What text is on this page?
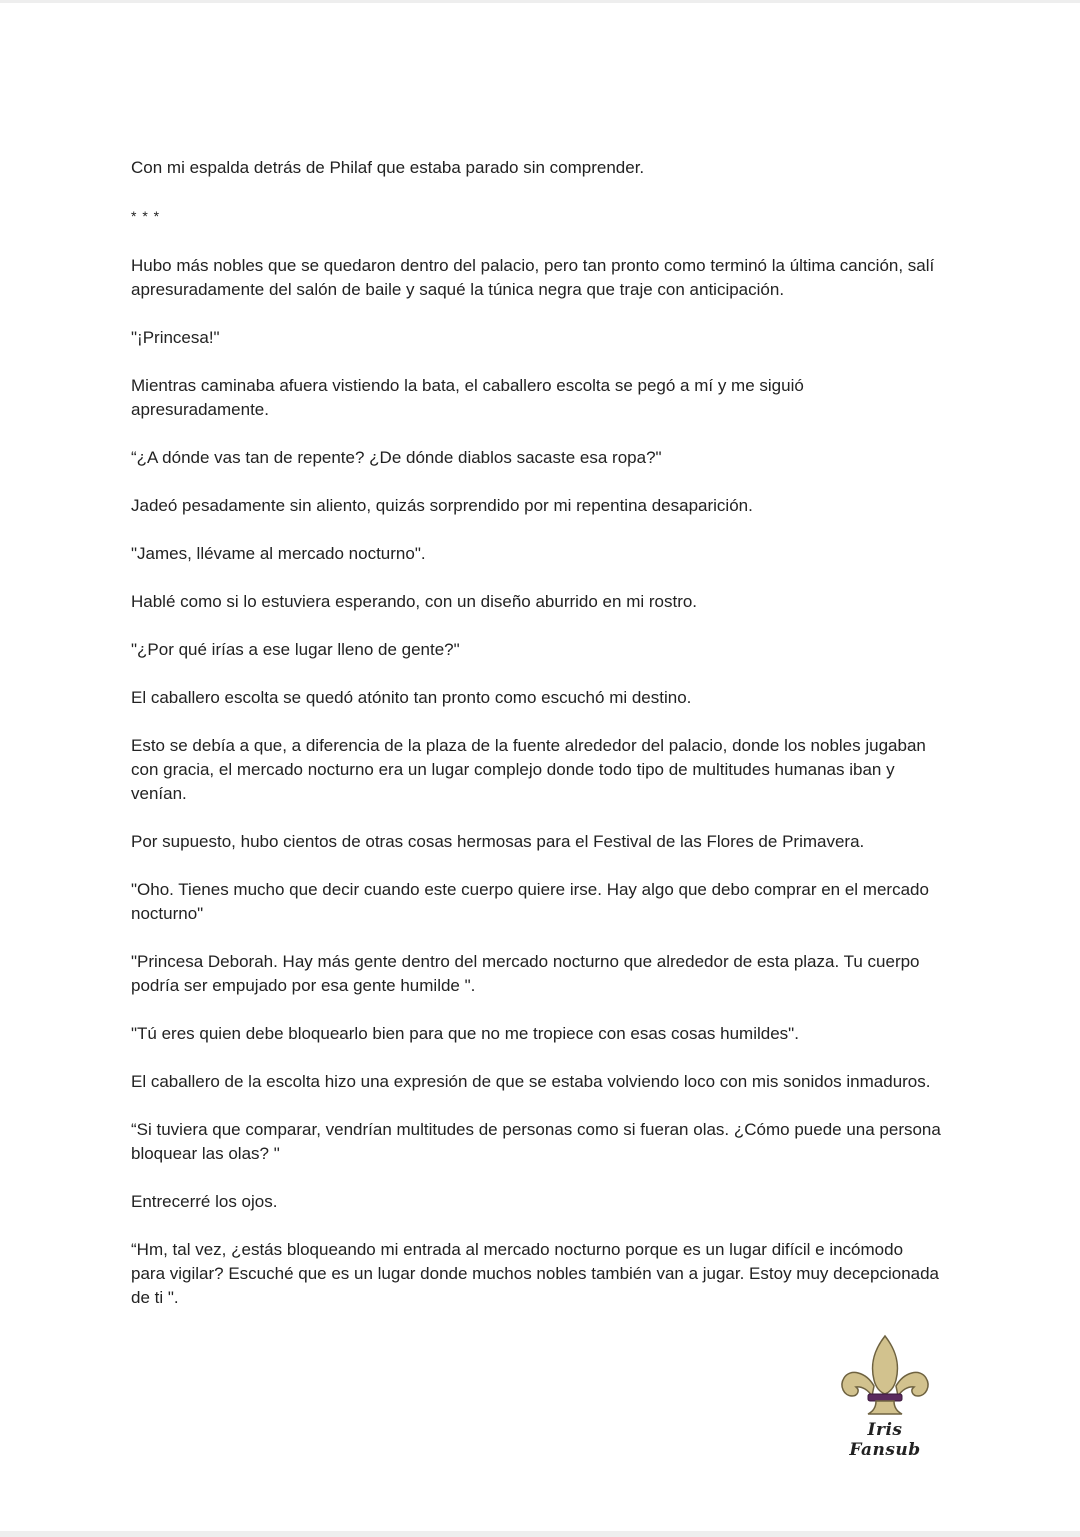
Con mi espalda detrás de Philaf que estaba parado sin comprender.

* * *

Hubo más nobles que se quedaron dentro del palacio, pero tan pronto como terminó la última canción, salí apresuradamente del salón de baile y saqué la túnica negra que traje con anticipación.

"¡Princesa!"

Mientras caminaba afuera vistiendo la bata, el caballero escolta se pegó a mí y me siguió apresuradamente.

“¿A dónde vas tan de repente? ¿De dónde diablos sacaste esa ropa?"

Jadeó pesadamente sin aliento, quizás sorprendido por mi repentina desaparición.

"James, llévame al mercado nocturno".

Hablé como si lo estuviera esperando, con un diseño aburrido en mi rostro.

"¿Por qué irías a ese lugar lleno de gente?"

El caballero escolta se quedó atónito tan pronto como escuchó mi destino.

Esto se debía a que, a diferencia de la plaza de la fuente alrededor del palacio, donde los nobles jugaban con gracia, el mercado nocturno era un lugar complejo donde todo tipo de multitudes humanas iban y venían.

Por supuesto, hubo cientos de otras cosas hermosas para el Festival de las Flores de Primavera.

"Oho. Tienes mucho que decir cuando este cuerpo quiere irse. Hay algo que debo comprar en el mercado nocturno"

"Princesa Deborah. Hay más gente dentro del mercado nocturno que alrededor de esta plaza. Tu cuerpo podría ser empujado por esa gente humilde ".

"Tú eres quien debe bloquearlo bien para que no me tropiece con esas cosas humildes".

El caballero de la escolta hizo una expresión de que se estaba volviendo loco con mis sonidos inmaduros.

“Si tuviera que comparar, vendrían multitudes de personas como si fueran olas. ¿Cómo puede una persona bloquear las olas? "

Entrecerré los ojos.

“Hm, tal vez, ¿estás bloqueando mi entrada al mercado nocturno porque es un lugar difícil e incómodo para vigilar? Escuché que es un lugar donde muchos nobles también van a jugar. Estoy muy decepcionada de ti ".

Iris Fansub
